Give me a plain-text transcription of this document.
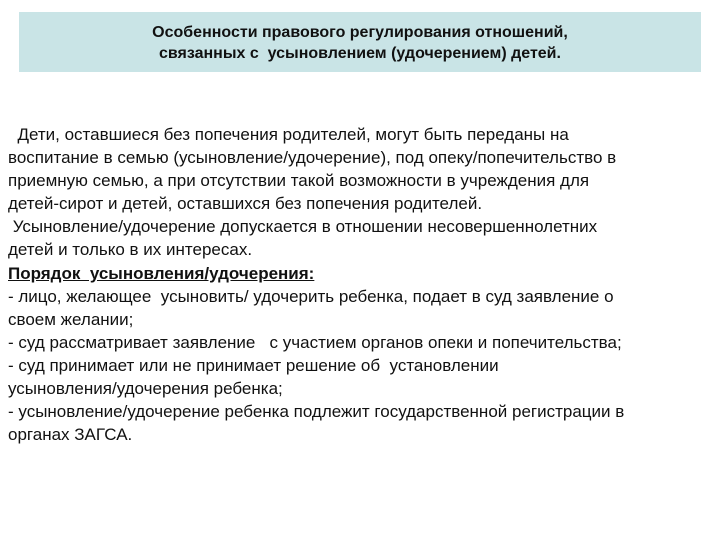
Особенности правового регулирования отношений,
связанных с  усыновлением (удочерением) детей.
Дети, оставшиеся без попечения родителей, могут быть переданы на
воспитание в семью (усыновление/удочерение), под опеку/попечительство в
приемную семью, а при отсутствии такой возможности в учреждения для
детей-сирот и детей, оставшихся без попечения родителей.
Усыновление/удочерение допускается в отношении несовершеннолетних
детей и только в их интересах.
Порядок  усыновления/удочерения:
- лицо, желающее  усыновить/ удочерить ребенка, подает в суд заявление о
своем желании;
- суд рассматривает заявление   с участием органов опеки и попечительства;
- суд принимает или не принимает решение об  установлении
усыновления/удочерения ребенка;
- усыновление/удочерение ребенка подлежит государственной регистрации в
органах ЗАГСА.
